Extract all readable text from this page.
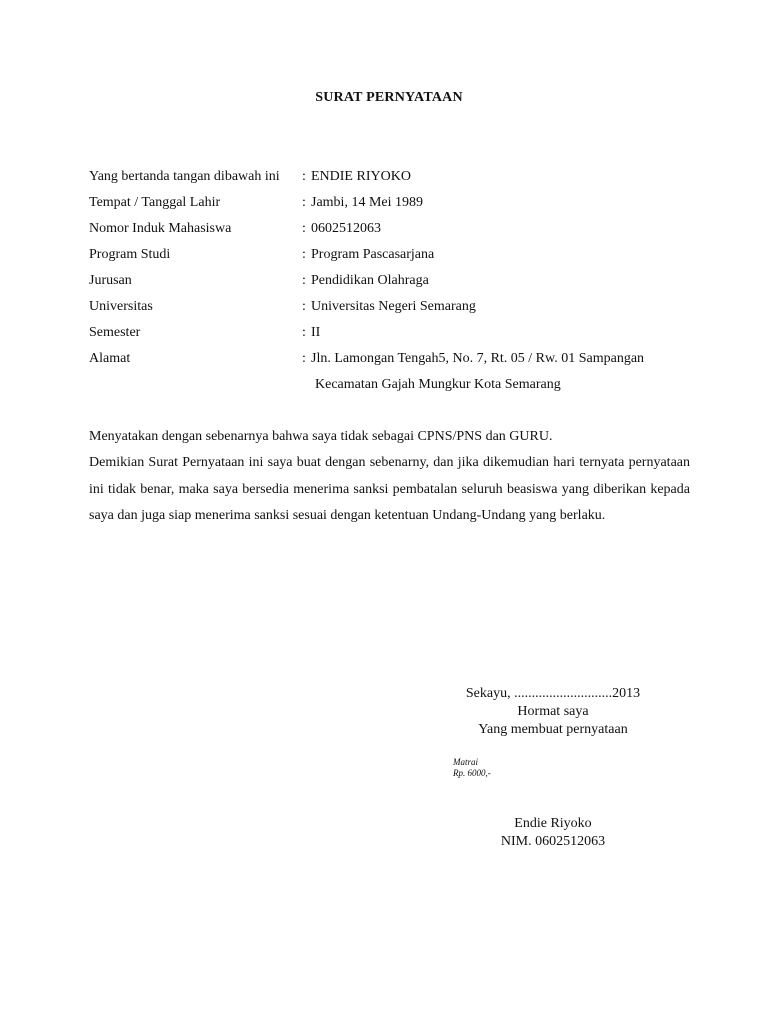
SURAT PERNYATAAN
Yang bertanda tangan dibawah ini : ENDIE RIYOKO
Tempat / Tanggal Lahir	: Jambi, 14 Mei 1989
Nomor Induk Mahasiswa	: 0602512063
Program Studi	: Program Pascasarjana
Jurusan	: Pendidikan Olahraga
Universitas	: Universitas Negeri Semarang
Semester	: II
Alamat	: Jln. Lamongan Tengah5, No. 7, Rt. 05 / Rw. 01 Sampangan
Kecamatan Gajah Mungkur Kota Semarang

Menyatakan dengan sebenarnya bahwa saya tidak sebagai CPNS/PNS dan GURU.

Demikian Surat Pernyataan ini saya buat dengan sebenarny, dan jika dikemudian hari ternyata pernyataan ini tidak benar, maka saya bersedia menerima sanksi pembatalan seluruh beasiswa yang diberikan kepada saya dan juga siap menerima sanksi sesuai dengan ketentuan Undang-Undang yang berlaku.

Sekayu, ............................2013
Hormat saya
Yang membuat pernyataan
Matrai
Rp. 6000,-
Endie Riyoko
NIM. 0602512063
